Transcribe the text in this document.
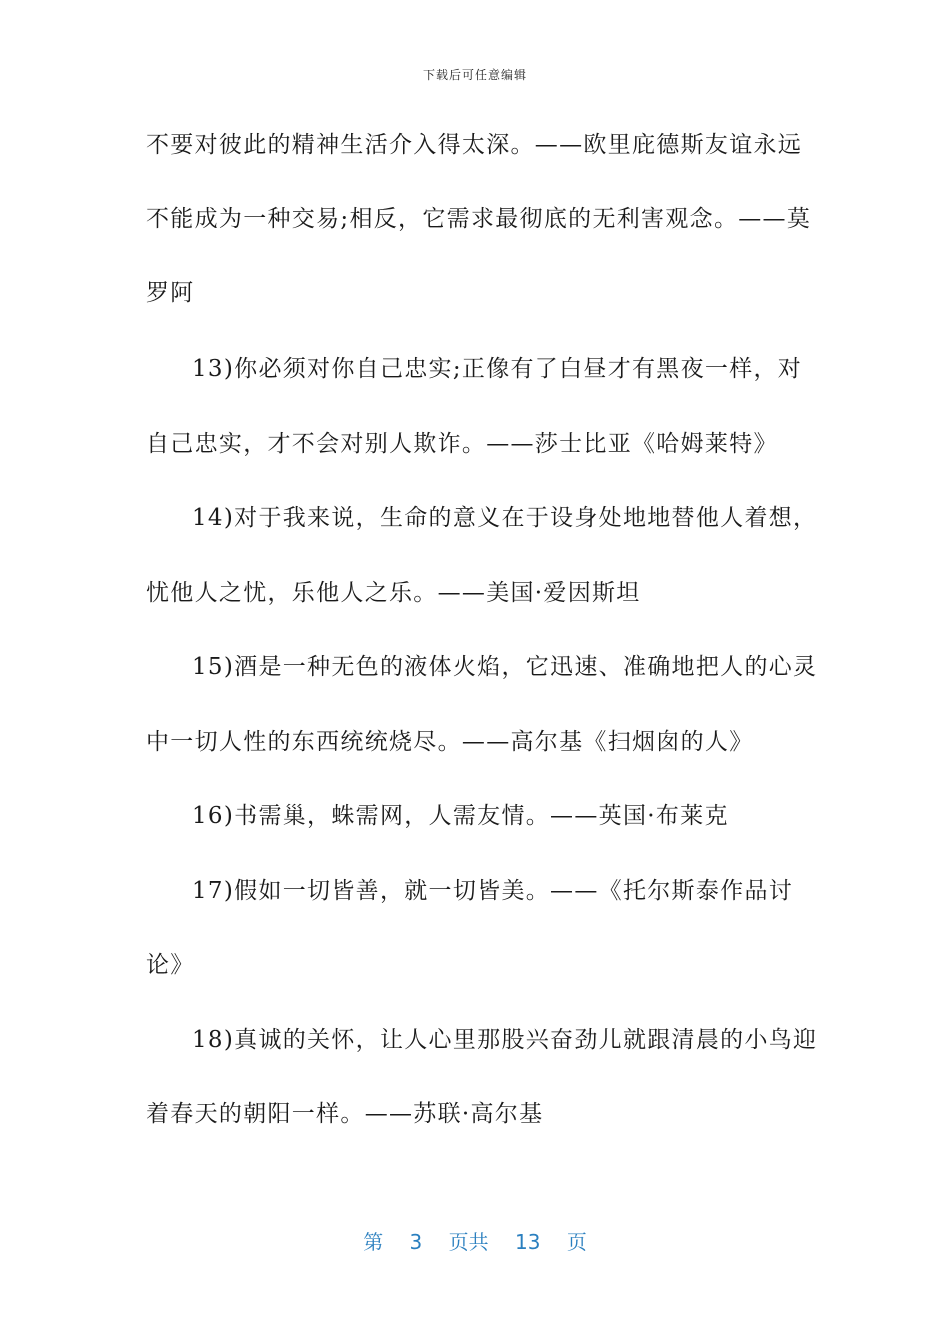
下载后可任意编辑
不要对彼此的精神生活介入得太深。——欧里庇德斯友谊永远
不能成为一种交易;相反，它需求最彻底的无利害观念。——莫
罗阿
13)你必须对你自己忠实;正像有了白昼才有黑夜一样，对
自己忠实，才不会对别人欺诈。——莎士比亚《哈姆莱特》
14)对于我来说，生命的意义在于设身处地地替他人着想，
忧他人之忧，乐他人之乐。——美国·爱因斯坦
15)酒是一种无色的液体火焰，它迅速、准确地把人的心灵
中一切人性的东西统统烧尽。——高尔基《扫烟囱的人》
16)书需巢，蛛需网，人需友情。——英国·布莱克
17)假如一切皆善，就一切皆美。——《托尔斯泰作品讨
论》
18)真诚的关怀，让人心里那股兴奋劲儿就跟清晨的小鸟迎
着春天的朝阳一样。——苏联·高尔基
第 3 页共 13 页
